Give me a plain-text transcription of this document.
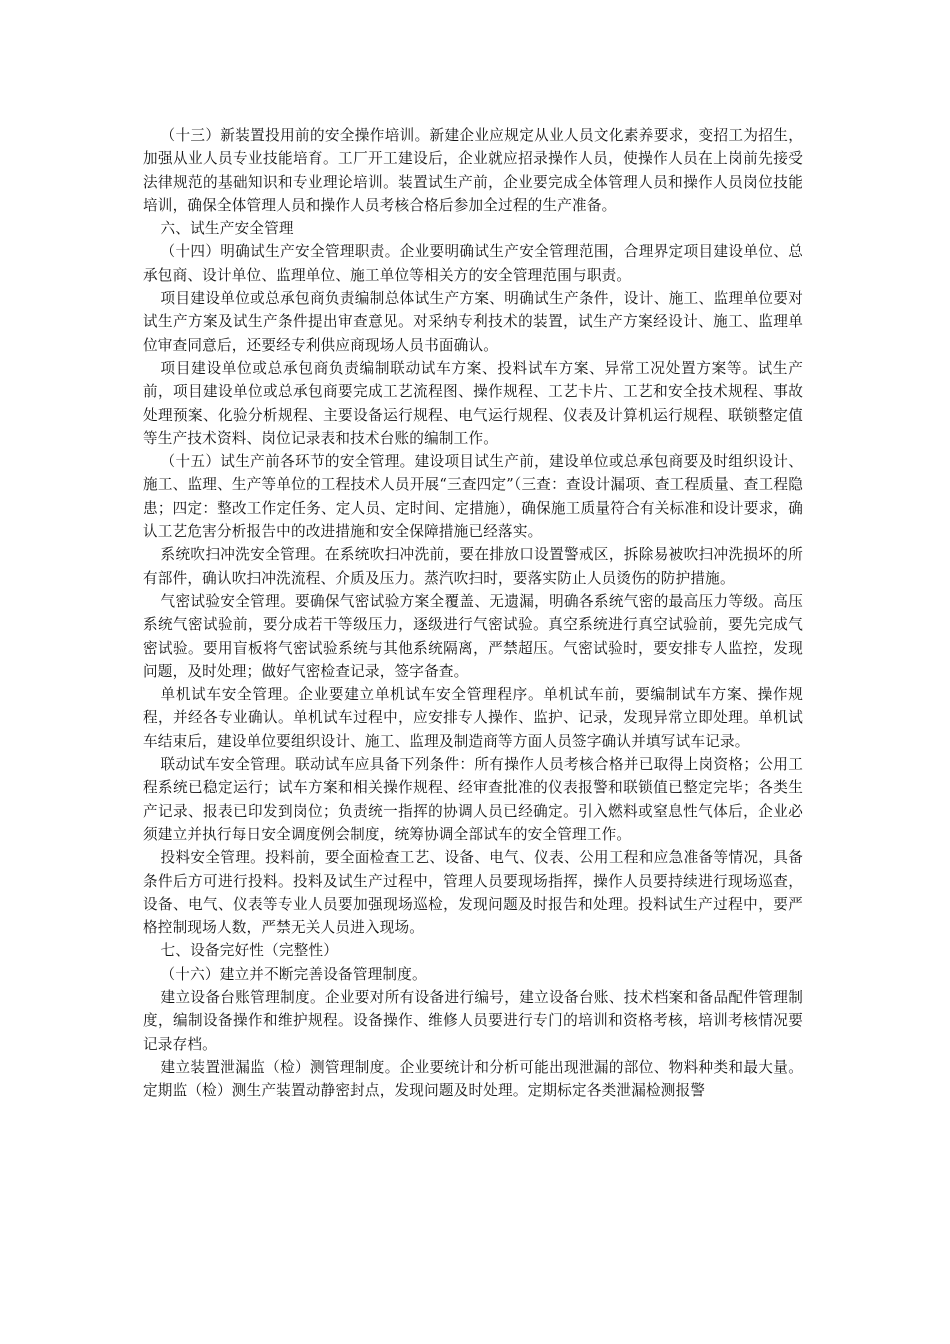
（十三）新装置投用前的安全操作培训。新建企业应规定从业人员文化素养要求，变招工为招生，加强从业人员专业技能培育。工厂开工建设后，企业就应招录操作人员，使操作人员在上岗前先接受法律规范的基础知识和专业理论培训。装置试生产前，企业要完成全体管理人员和操作人员岗位技能培训，确保全体管理人员和操作人员考核合格后参加全过程的生产准备。

六、试生产安全管理

（十四）明确试生产安全管理职责。企业要明确试生产安全管理范围，合理界定项目建设单位、总承包商、设计单位、监理单位、施工单位等相关方的安全管理范围与职责。

项目建设单位或总承包商负责编制总体试生产方案、明确试生产条件，设计、施工、监理单位要对试生产方案及试生产条件提出审查意见。对采纳专利技术的装置，试生产方案经设计、施工、监理单位审查同意后，还要经专利供应商现场人员书面确认。

项目建设单位或总承包商负责编制联动试车方案、投料试车方案、异常工况处置方案等。试生产前，项目建设单位或总承包商要完成工艺流程图、操作规程、工艺卡片、工艺和安全技术规程、事故处理预案、化验分析规程、主要设备运行规程、电气运行规程、仪表及计算机运行规程、联锁整定值等生产技术资料、岗位记录表和技术台账的编制工作。

（十五）试生产前各环节的安全管理。建设项目试生产前，建设单位或总承包商要及时组织设计、施工、监理、生产等单位的工程技术人员开展“三查四定”（三查：查设计漏项、查工程质量、查工程隐患；四定：整改工作定任务、定人员、定时间、定措施），确保施工质量符合有关标准和设计要求，确认工艺危害分析报告中的改进措施和安全保障措施已经落实。

系统吹扫冲洗安全管理。在系统吹扫冲洗前，要在排放口设置警戒区，拆除易被吹扫冲洗损坏的所有部件，确认吹扫冲洗流程、介质及压力。蒸汽吹扫时，要落实防止人员烫伤的防护措施。

气密试验安全管理。要确保气密试验方案全覆盖、无遗漏，明确各系统气密的最高压力等级。高压系统气密试验前，要分成若干等级压力，逐级进行气密试验。真空系统进行真空试验前，要先完成气密试验。要用盲板将气密试验系统与其他系统隔离，严禁超压。气密试验时，要安排专人监控，发现问题，及时处理；做好气密检查记录，签字备查。

单机试车安全管理。企业要建立单机试车安全管理程序。单机试车前，要编制试车方案、操作规程，并经各专业确认。单机试车过程中，应安排专人操作、监护、记录，发现异常立即处理。单机试车结束后，建设单位要组织设计、施工、监理及制造商等方面人员签字确认并填写试车记录。

联动试车安全管理。联动试车应具备下列条件：所有操作人员考核合格并已取得上岗资格；公用工程系统已稳定运行；试车方案和相关操作规程、经审查批准的仪表报警和联锁值已整定完毕；各类生产记录、报表已印发到岗位；负责统一指挥的协调人员已经确定。引入燃料或窒息性气体后，企业必须建立并执行每日安全调度例会制度，统筹协调全部试车的安全管理工作。

投料安全管理。投料前，要全面检查工艺、设备、电气、仪表、公用工程和应急准备等情况，具备条件后方可进行投料。投料及试生产过程中，管理人员要现场指挥，操作人员要持续进行现场巡查，设备、电气、仪表等专业人员要加强现场巡检，发现问题及时报告和处理。投料试生产过程中，要严格控制现场人数，严禁无关人员进入现场。

七、设备完好性（完整性）

（十六）建立并不断完善设备管理制度。

建立设备台账管理制度。企业要对所有设备进行编号，建立设备台账、技术档案和备品配件管理制度，编制设备操作和维护规程。设备操作、维修人员要进行专门的培训和资格考核，培训考核情况要记录存档。

建立装置泄漏监（检）测管理制度。企业要统计和分析可能出现泄漏的部位、物料种类和最大量。定期监（检）测生产装置动静密封点，发现问题及时处理。定期标定各类泄漏检测报警
